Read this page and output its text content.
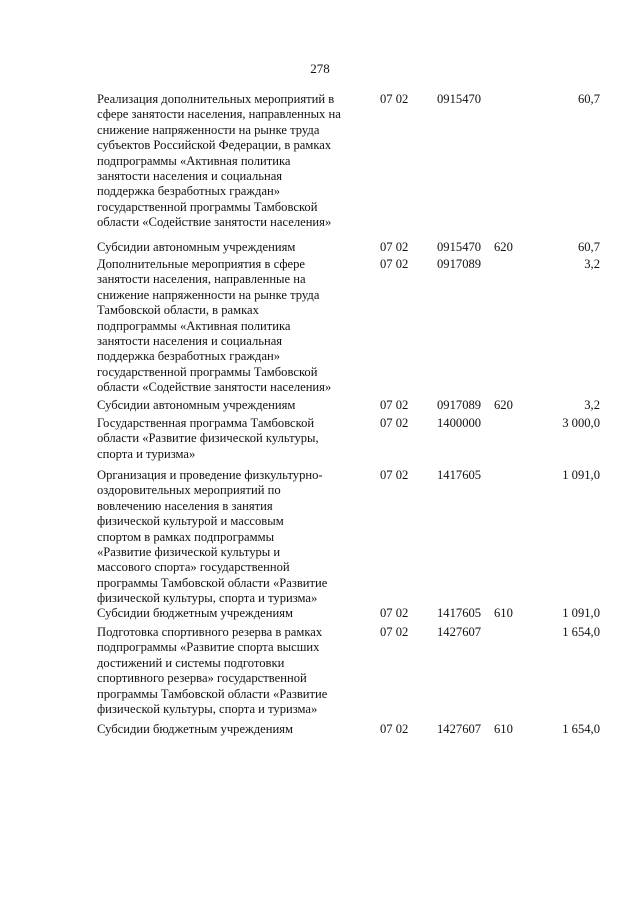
278
Реализация дополнительных мероприятий в
сфере занятости населения, направленных на
снижение напряженности на рынке труда
субъектов Российской Федерации, в рамках
подпрограммы «Активная политика
занятости населения и социальная
поддержка безработных граждан»
государственной программы Тамбовской
области «Содействие занятости населения»
07 02 0915470	60,7
Субсидии автономным учреждениям	07 02 0915470 620	60,7
Дополнительные мероприятия в сфере
занятости населения, направленные на
снижение напряженности на рынке труда
Тамбовской области, в рамках
подпрограммы «Активная политика
занятости населения и социальная
поддержка безработных граждан»
государственной программы Тамбовской
области «Содействие занятости населения»
07 02 0917089	3,2
Субсидии автономным учреждениям	07 02 0917089 620	3,2
Государственная программа Тамбовской
области «Развитие физической культуры,
спорта и туризма»
07 02 1400000	3 000,0
Организация и проведение физкультурно-
оздоровительных мероприятий по
вовлечению населения в занятия
физической культурой и массовым
спортом в рамках подпрограммы
«Развитие физической культуры и
массового спорта» государственной
программы Тамбовской области «Развитие
физической культуры, спорта и туризма»
07 02 1417605	1 091,0
Субсидии бюджетным учреждениям	07 02 1417605 610	1 091,0
Подготовка спортивного резерва в рамках
подпрограммы «Развитие спорта высших
достижений и системы подготовки
спортивного резерва» государственной
программы Тамбовской области «Развитие
физической культуры, спорта и туризма»
07 02 1427607	1 654,0
Субсидии бюджетным учреждениям	07 02 1427607 610	1 654,0
